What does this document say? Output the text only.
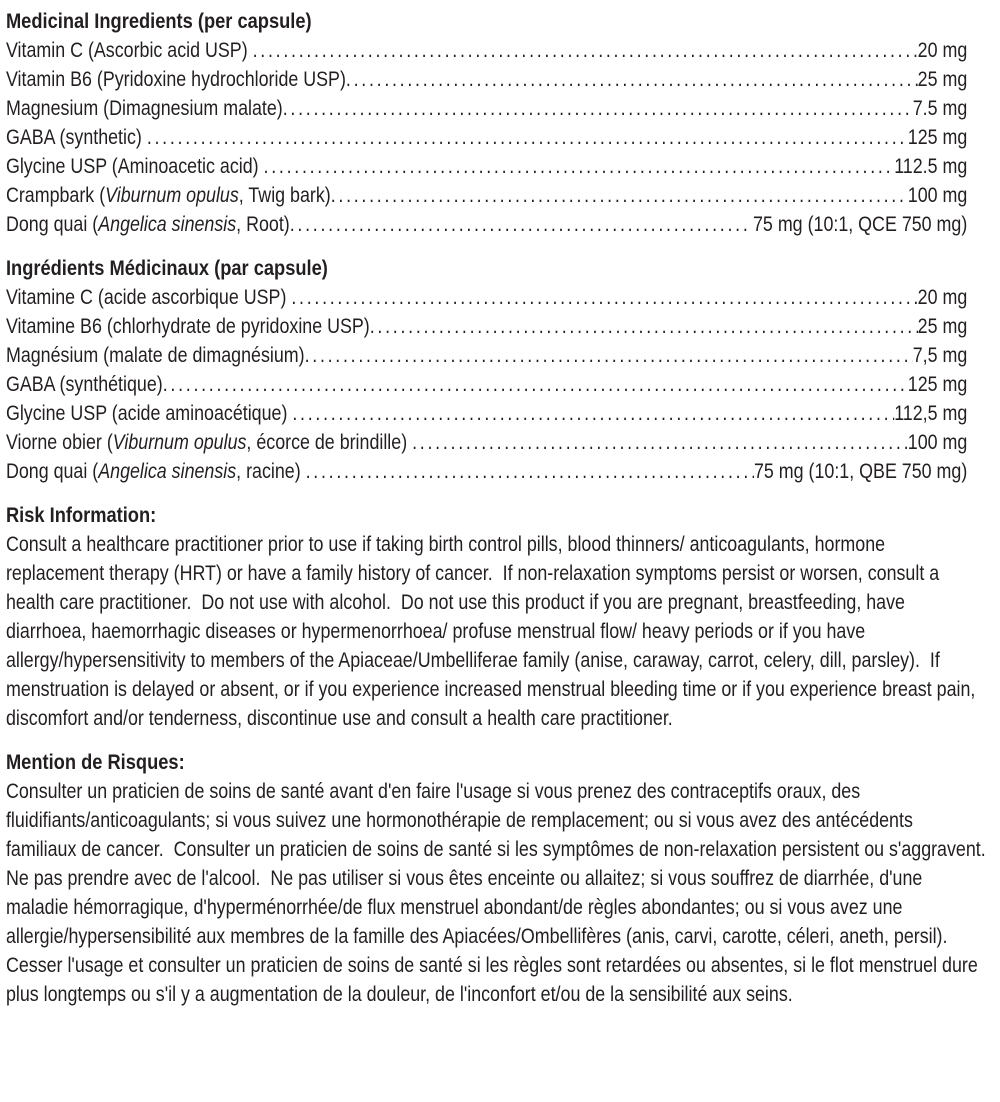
Medicinal Ingredients (per capsule)
Vitamin C (Ascorbic acid USP) .....	20 mg
Vitamin B6 (Pyridoxine hydrochloride USP) .....	25 mg
Magnesium (Dimagnesium malate) .....	7.5 mg
GABA (synthetic) .....	125 mg
Glycine USP (Aminoacetic acid) .....	112.5 mg
Crampbark (Viburnum opulus, Twig bark) .....	100 mg
Dong quai (Angelica sinensis, Root) .....	75 mg (10:1, QCE 750 mg)
Ingrédients Médicinaux (par capsule)
Vitamine C (acide ascorbique USP) .....	20 mg
Vitamine B6 (chlorhydrate de pyridoxine USP) .....	25 mg
Magnésium (malate de dimagnésium) .....	7,5 mg
GABA (synthétique) .....	125 mg
Glycine USP (acide aminoacétique) .....	112,5 mg
Viorne obier (Viburnum opulus, écorce de brindille) .....	100 mg
Dong quai (Angelica sinensis, racine) .....	75 mg (10:1, QBE 750 mg)
Risk Information:

Consult a healthcare practitioner prior to use if taking birth control pills, blood thinners/ anticoagulants, hormone replacement therapy (HRT) or have a family history of cancer.  If non-relaxation symptoms persist or worsen, consult a health care practitioner.  Do not use with alcohol.  Do not use this product if you are pregnant, breastfeeding, have diarrhoea, haemorrhagic diseases or hypermenorrhoea/ profuse menstrual flow/ heavy periods or if you have allergy/hypersensitivity to members of the Apiaceae/Umbelliferae family (anise, caraway, carrot, celery, dill, parsley).  If menstruation is delayed or absent, or if you experience increased menstrual bleeding time or if you experience breast pain, discomfort and/or tenderness, discontinue use and consult a health care practitioner.

Mention de Risques:

Consulter un praticien de soins de santé avant d'en faire l'usage si vous prenez des contraceptifs oraux, des fluidifiants/anticoagulants; si vous suivez une hormonothérapie de remplacement; ou si vous avez des antécédents familiaux de cancer.  Consulter un praticien de soins de santé si les symptômes de non-relaxation persistent ou s'aggravent.  Ne pas prendre avec de l'alcool.  Ne pas utiliser si vous êtes enceinte ou allaitez; si vous souffrez de diarrhée, d'une maladie hémorragique, d'hyperménorrhée/de flux menstruel abondant/de règles abondantes; ou si vous avez une allergie/hypersensibilité aux membres de la famille des Apiacées/Ombellifères (anis, carvi, carotte, céleri, aneth, persil).  Cesser l'usage et consulter un praticien de soins de santé si les règles sont retardées ou absentes, si le flot menstruel dure plus longtemps ou s'il y a augmentation de la douleur, de l'inconfort et/ou de la sensibilité aux seins.
